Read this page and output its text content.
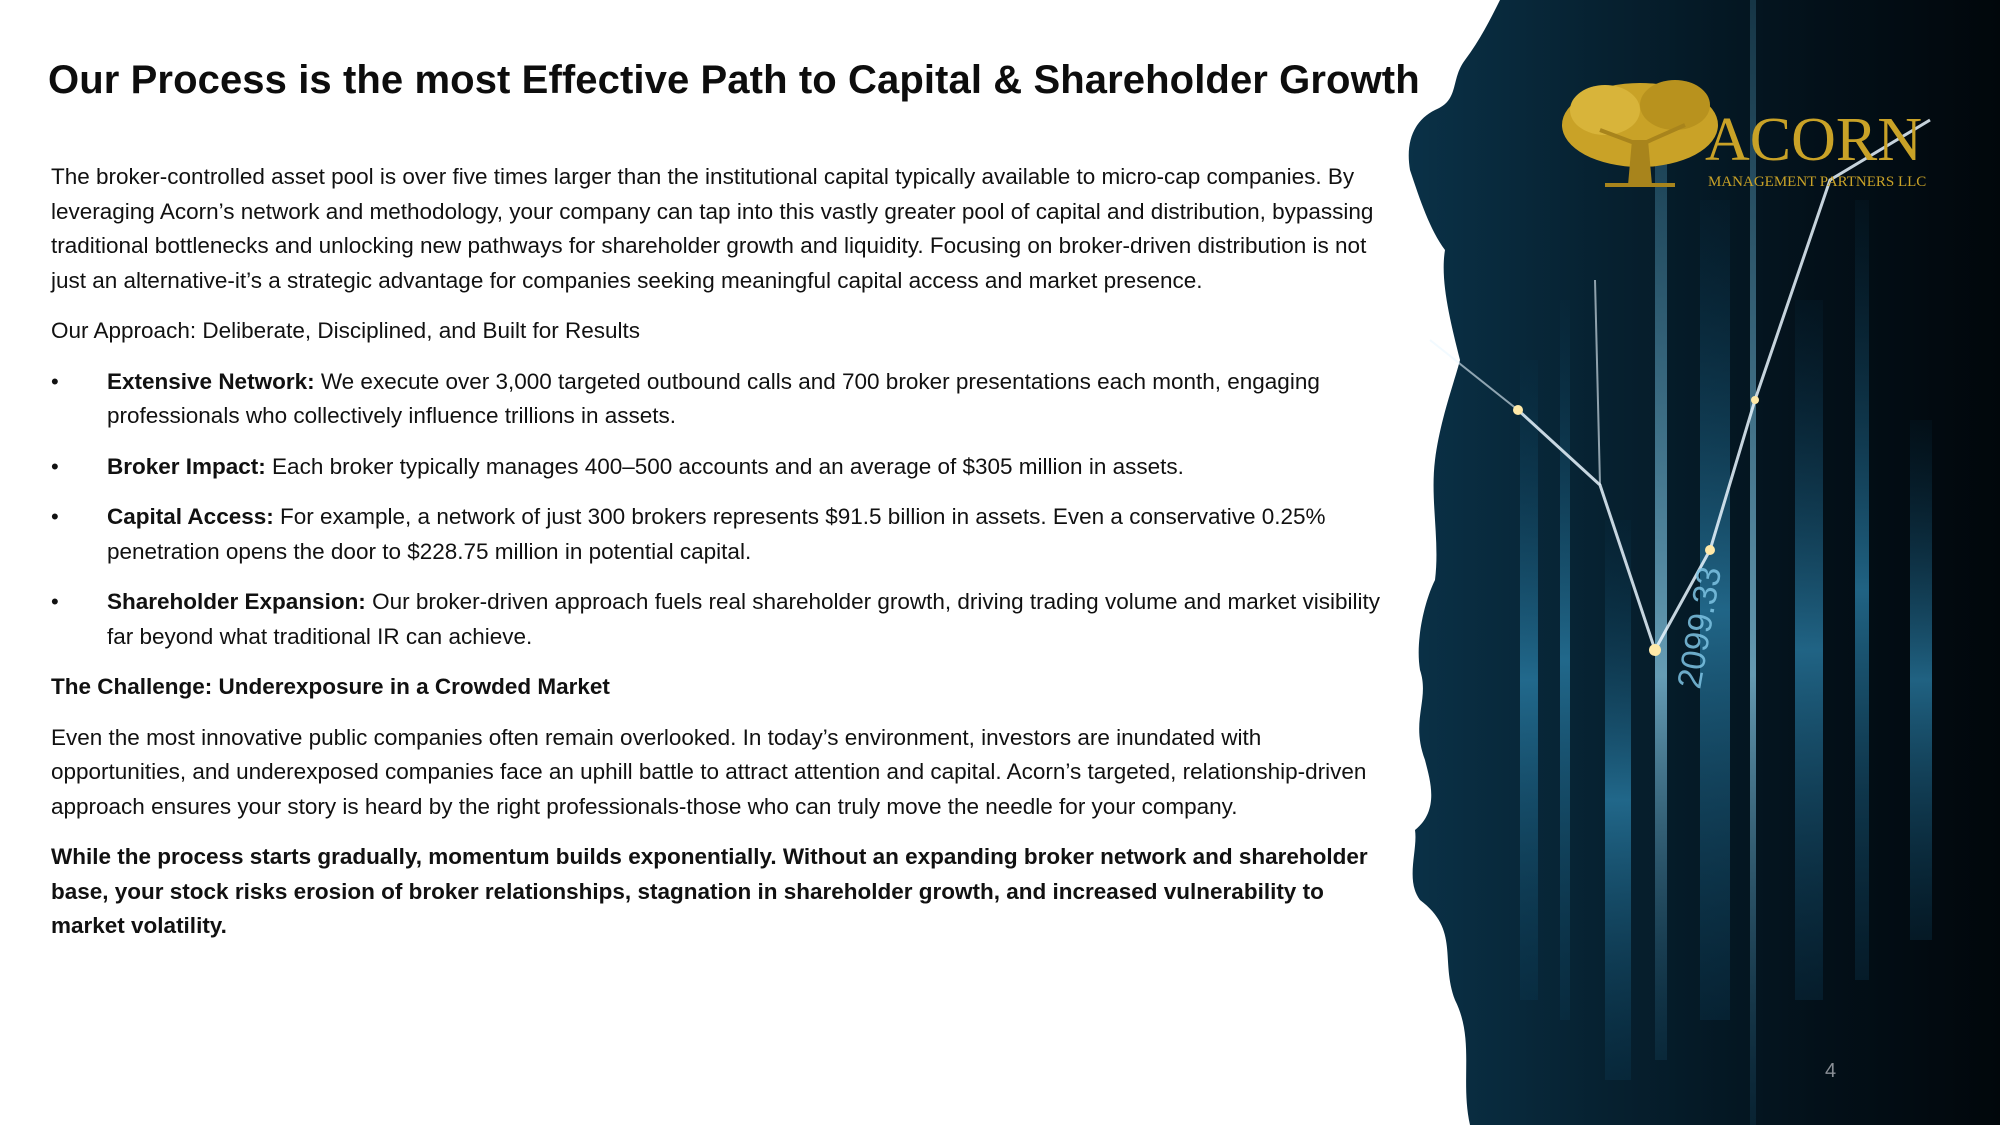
Our Process is the most Effective Path to Capital & Shareholder Growth

The broker-controlled asset pool is over five times larger than the institutional capital typically available to micro-cap companies. By leveraging Acorn’s network and methodology, your company can tap into this vastly greater pool of capital and distribution, bypassing traditional bottlenecks and unlocking new pathways for shareholder growth and liquidity. Focusing on broker-driven distribution is not just an alternative-it’s a strategic advantage for companies seeking meaningful capital access and market presence.

Our Approach: Deliberate, Disciplined, and Built for Results

•	Extensive Network: We execute over 3,000 targeted outbound calls and 700 broker presentations each month, engaging professionals who collectively influence trillions in assets.
•	Broker Impact: Each broker typically manages 400–500 accounts and an average of $305 million in assets.
•	Capital Access: For example, a network of just 300 brokers represents $91.5 billion in assets. Even a conservative 0.25% penetration opens the door to $228.75 million in potential capital.
•	Shareholder Expansion: Our broker-driven approach fuels real shareholder growth, driving trading volume and market visibility far beyond what traditional IR can achieve.

The Challenge: Underexposure in a Crowded Market

Even the most innovative public companies often remain overlooked. In today’s environment, investors are inundated with opportunities, and underexposed companies face an uphill battle to attract attention and capital. Acorn’s targeted, relationship-driven approach ensures your story is heard by the right professionals-those who can truly move the needle for your company.

While the process starts gradually, momentum builds exponentially. Without an expanding broker network and shareholder base, your stock risks erosion of broker relationships, stagnation in shareholder growth, and increased vulnerability to market volatility.

2099.33
ACORN
MANAGEMENT PARTNERS LLC
4
